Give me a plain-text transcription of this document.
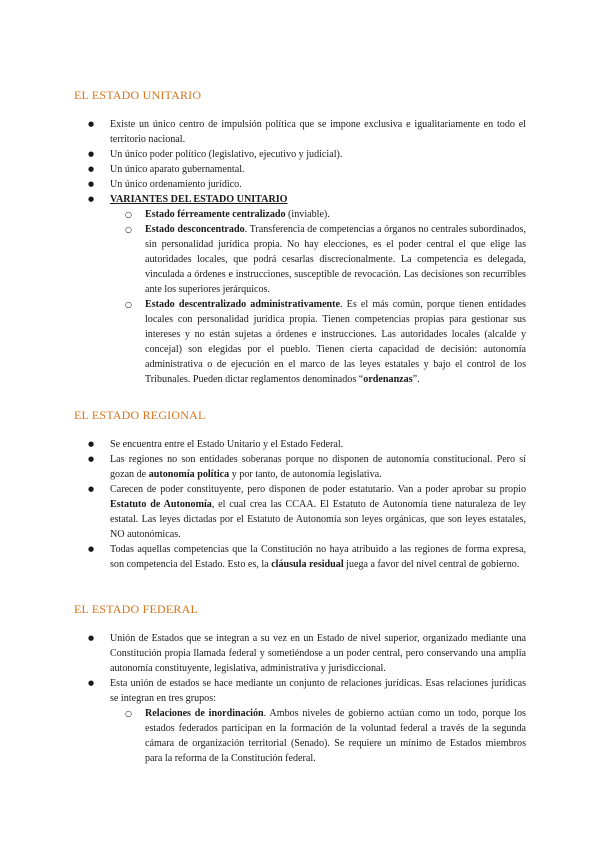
EL ESTADO UNITARIO
● Existe un único centro de impulsión política que se impone exclusiva e igualitariamente en todo el territorio nacional.
● Un único poder político (legislativo, ejecutivo y judicial).
● Un único aparato gubernamental.
● Un único ordenamiento jurídico.
● VARIANTES DEL ESTADO UNITARIO
○ Estado férreamente centralizado (inviable).
○ Estado desconcentrado. Transferencia de competencias a órganos no centrales subordinados, sin personalidad jurídica propia. No hay elecciones, es el poder central el que elige las autoridades locales, que podrá cesarlas discrecionalmente. La competencia es delegada, vinculada a órdenes e instrucciones, susceptible de revocación. Las decisiones son recurribles ante los superiores jerárquicos.
○ Estado descentralizado administrativamente. Es el más común, porque tienen entidades locales con personalidad jurídica propia. Tienen competencias propias para gestionar sus intereses y no están sujetas a órdenes e instrucciones. Las autoridades locales (alcalde y concejal) son elegidas por el pueblo. Tienen cierta capacidad de decisión: autonomía administrativa o de ejecución en el marco de las leyes estatales y bajo el control de los Tribunales. Pueden dictar reglamentos denominados “ordenanzas”.
EL ESTADO REGIONAL
● Se encuentra entre el Estado Unitario y el Estado Federal.
● Las regiones no son entidades soberanas porque no disponen de autonomía constitucional. Pero sí gozan de autonomía política y por tanto, de autonomía legislativa.
● Carecen de poder constituyente, pero disponen de poder estatutario. Van a poder aprobar su propio Estatuto de Autonomía, el cual crea las CCAA. El Estatuto de Autonomía tiene naturaleza de ley estatal. Las leyes dictadas por el Estatuto de Autonomía son leyes orgánicas, que son leyes estatales, NO autonómicas.
● Todas aquellas competencias que la Constitución no haya atribuido a las regiones de forma expresa, son competencia del Estado. Esto es, la cláusula residual juega a favor del nivel central de gobierno.
EL ESTADO FEDERAL
● Unión de Estados que se integran a su vez en un Estado de nivel superior, organizado mediante una Constitución propia llamada federal y sometiéndose a un poder central, pero conservando una amplia autonomía constituyente, legislativa, administrativa y jurisdiccional.
● Esta unión de estados se hace mediante un conjunto de relaciones jurídicas. Esas relaciones jurídicas se integran en tres grupos:
○ Relaciones de inordinación. Ambos niveles de gobierno actúan como un todo, porque los estados federados participan en la formación de la voluntad federal a través de la segunda cámara de organización territorial (Senado). Se requiere un mínimo de Estados miembros para la reforma de la Constitución federal.
